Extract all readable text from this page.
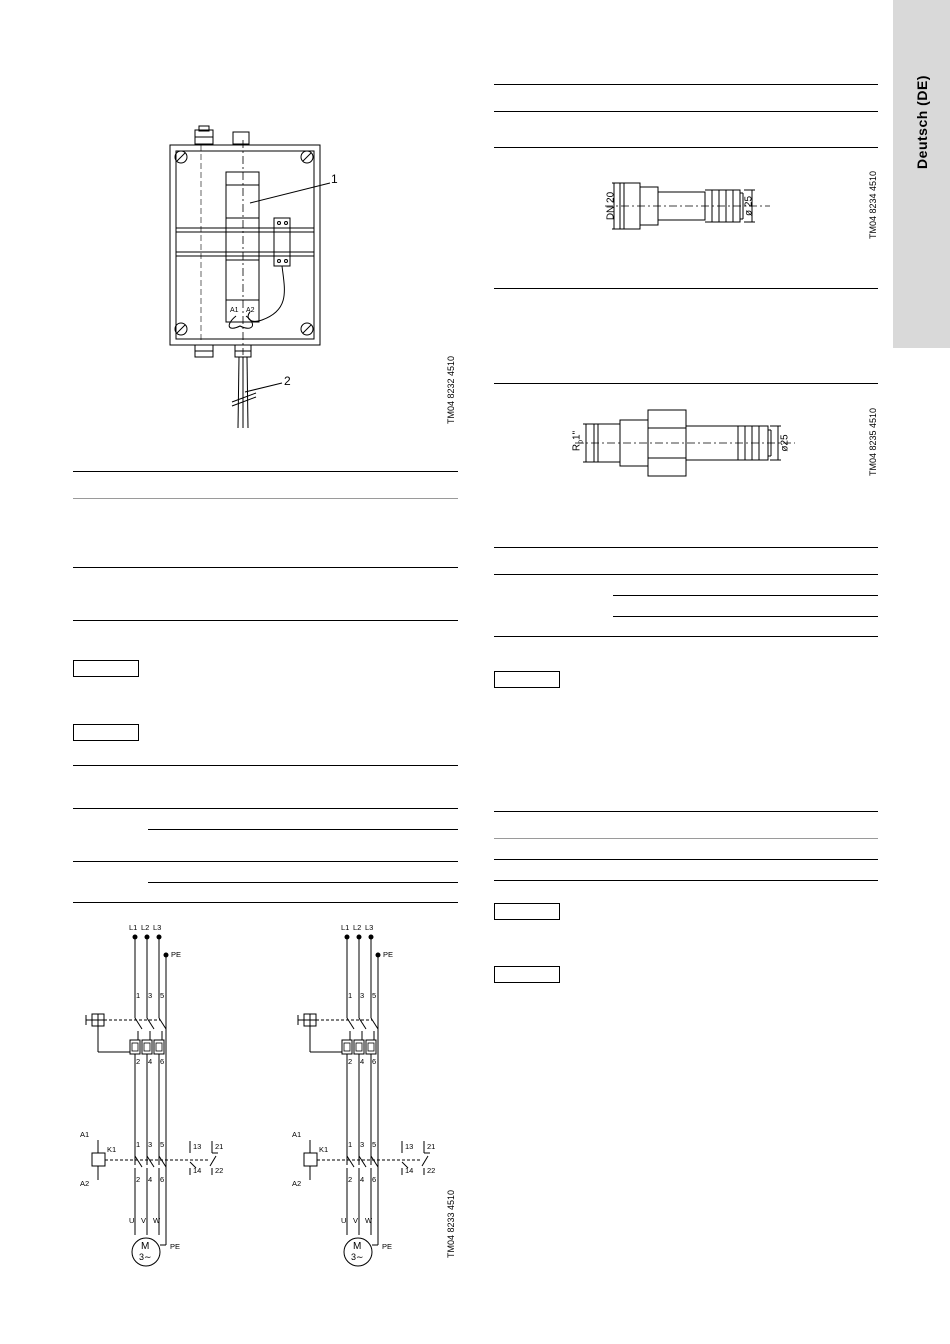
Deutsch (DE)
1
2
A1 A2
TM04 8232 4510
DN 20	ø 25	TM04 8234 4510
$R_p1$"	ø25	TM04 8235 4510
L1 L2 L3
PE
1
2
1
2
U
3
4
3
4
V
5
6
5
6
W
A1
A2
K1	13
14
21
22
M
3∼
PE
L1 L2 L3
PE
1
2
1
2
U
3
4
3
4
V
5
6
5
6
W
A1
A2
K1	13
14
21
22
M
3∼
PE	TM04 8233 4510
